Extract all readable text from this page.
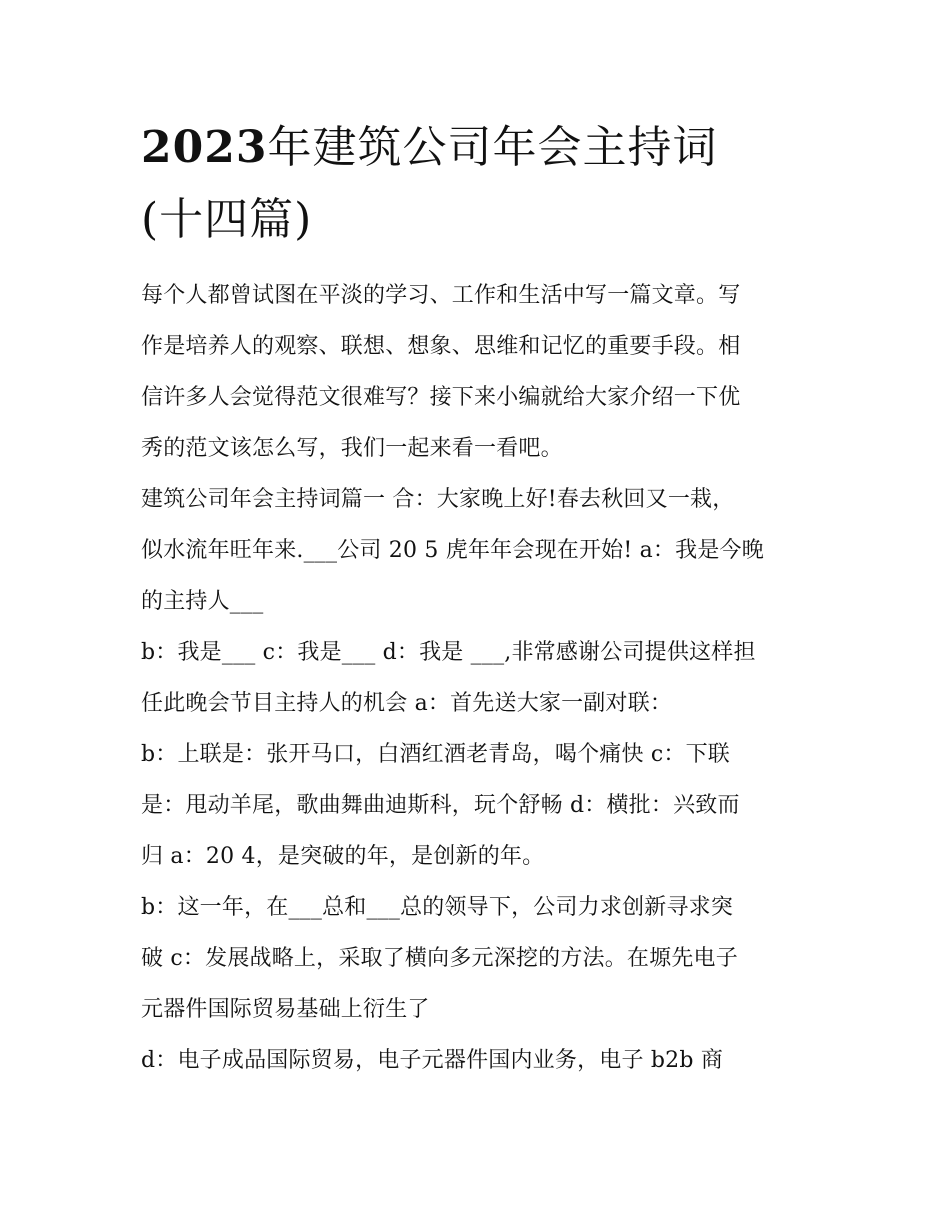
2023年建筑公司年会主持词
(十四篇)
每个人都曾试图在平淡的学习、工作和生活中写一篇文章。写
作是培养人的观察、联想、想象、思维和记忆的重要手段。相
信许多人会觉得范文很难写？接下来小编就给大家介绍一下优
秀的范文该怎么写，我们一起来看一看吧。
建筑公司年会主持词篇一 合：大家晚上好!春去秋回又一栽，
似水流年旺年来.___公司 20 5 虎年年会现在开始! a：我是今晚
的主持人___
b：我是___ c：我是___ d：我是 ___,非常感谢公司提供这样担
任此晚会节目主持人的机会 a：首先送大家一副对联：
b：上联是：张开马口，白酒红酒老青岛，喝个痛快 c：下联
是：甩动羊尾，歌曲舞曲迪斯科，玩个舒畅 d：横批：兴致而
归 a：20 4，是突破的年，是创新的年。
b：这一年，在___总和___总的领导下，公司力求创新寻求突
破 c：发展战略上，采取了横向多元深挖的方法。在塬先电子
元器件国际贸易基础上衍生了
d：电子成品国际贸易，电子元器件国内业务，电子 b2b 商
